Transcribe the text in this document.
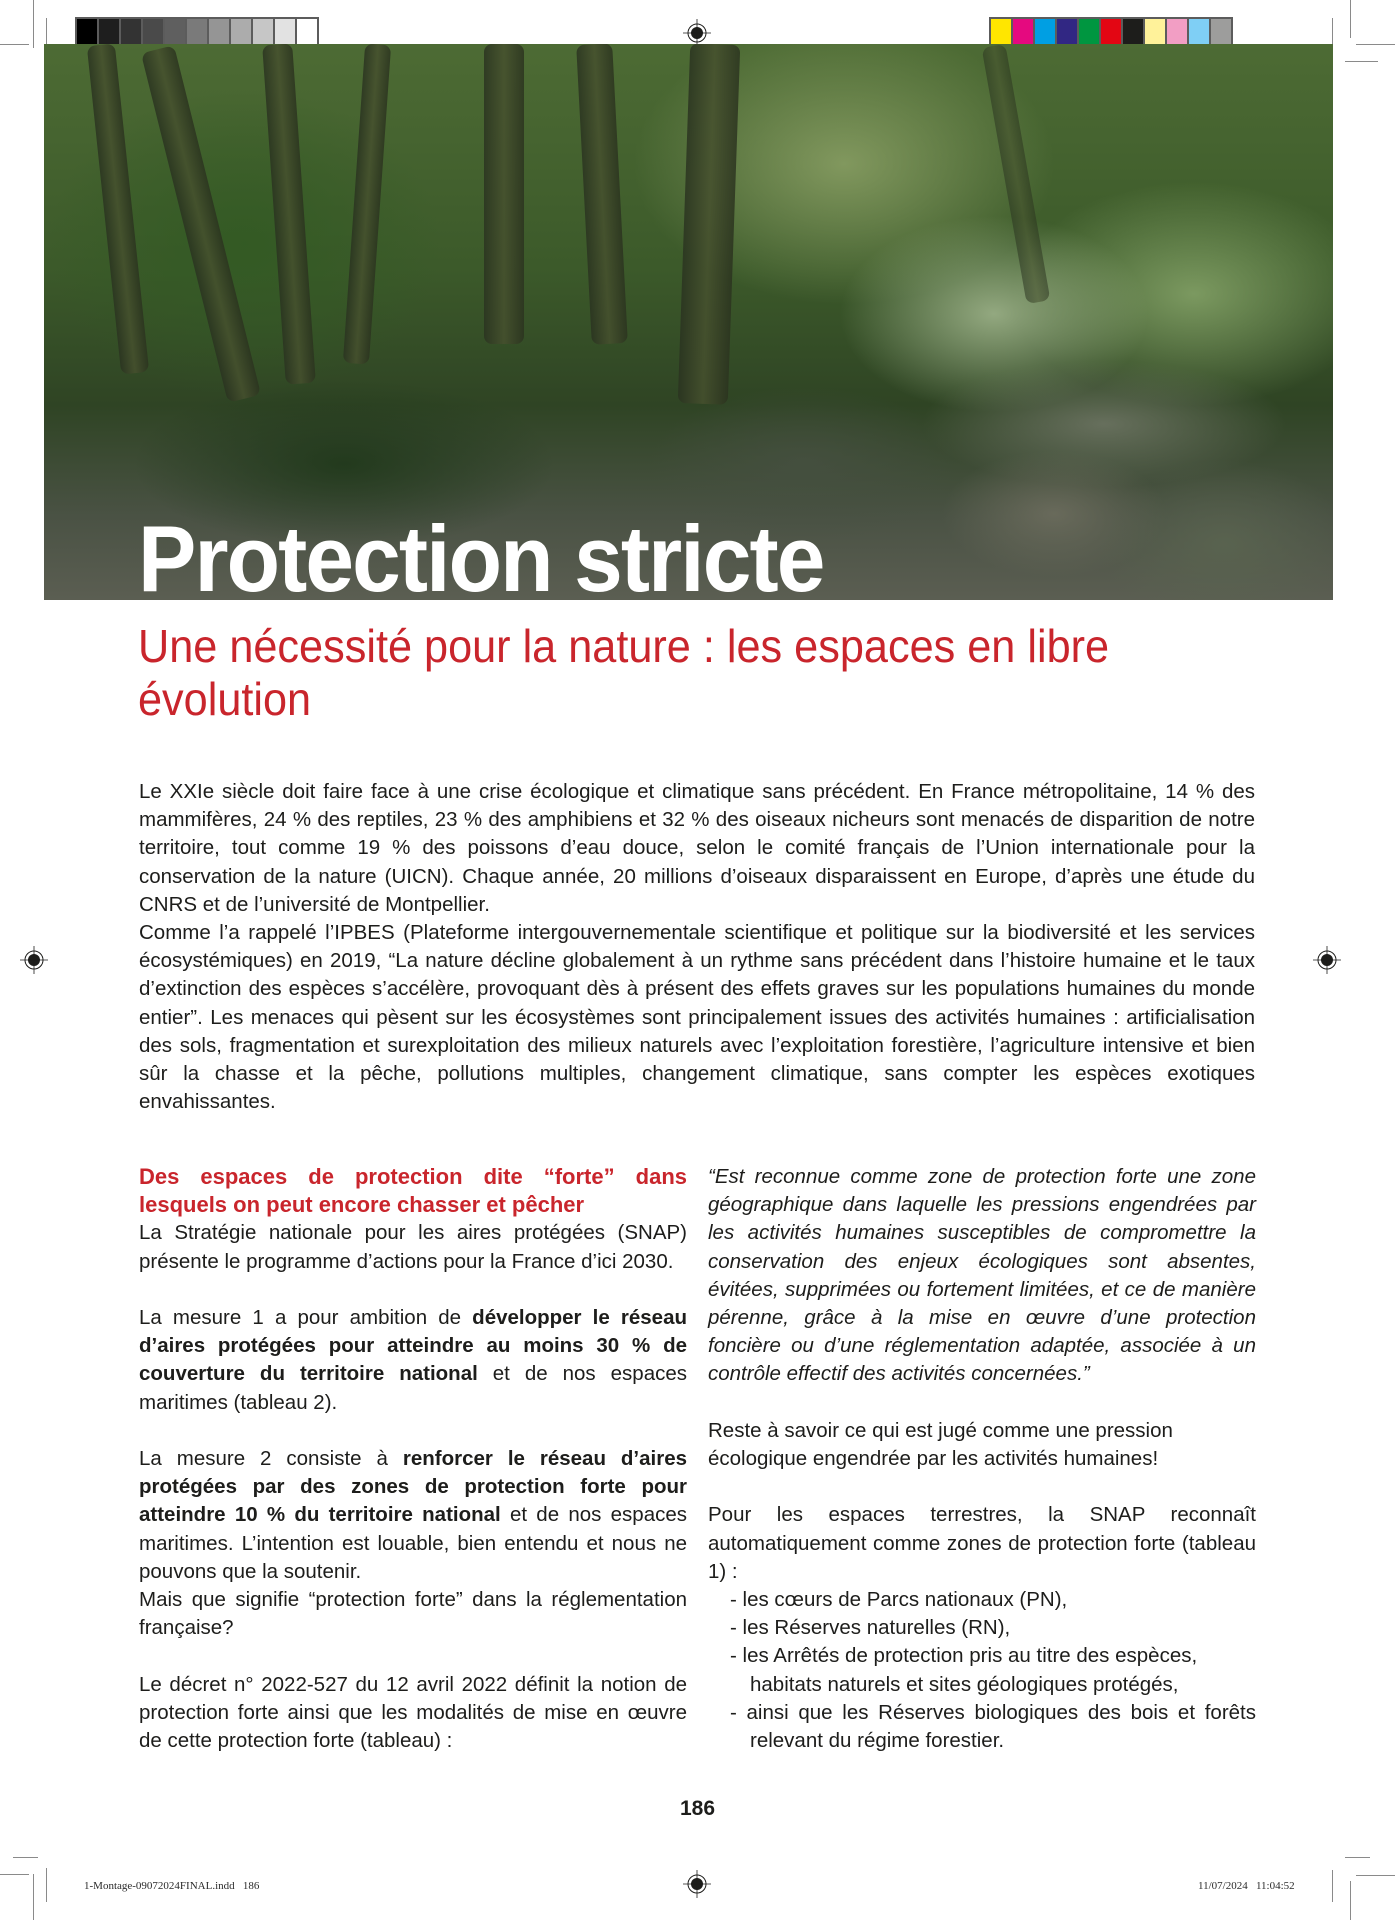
Protection stricte
Une nécessité pour la nature : les espaces en libre évolution

Le XXIe siècle doit faire face à une crise écologique et climatique sans précédent. En France métropolitaine, 14 % des mammifères, 24 % des reptiles, 23 % des amphibiens et 32 % des oiseaux nicheurs sont menacés de disparition de notre territoire, tout comme 19 % des poissons d’eau douce, selon le comité français de l’Union internationale pour la conservation de la nature (UICN). Chaque année, 20 millions d’oiseaux disparaissent en Europe, d’après une étude du CNRS et de l’université de Montpellier.

Comme l’a rappelé l’IPBES (Plateforme intergouvernementale scientifique et politique sur la biodiversité et les services écosystémiques) en 2019, “La nature décline globalement à un rythme sans précédent dans l’histoire humaine et le taux d’extinction des espèces s’accélère, provoquant dès à présent des effets graves sur les populations humaines du monde entier”. Les menaces qui pèsent sur les écosystèmes sont principalement issues des activités humaines : artificialisation des sols, fragmentation et surexploitation des milieux naturels avec l’exploitation forestière, l’agriculture intensive et bien sûr la chasse et la pêche, pollutions multiples, changement climatique, sans compter les espèces exotiques envahissantes.

Des espaces de protection dite “forte” dans lesquels on peut encore chasser et pêcher

La Stratégie nationale pour les aires protégées (SNAP) présente le programme d’actions pour la France d’ici 2030.

La mesure 1 a pour ambition de développer le réseau d’aires protégées pour atteindre au moins 30 % de couverture du territoire national et de nos espaces maritimes (tableau 2).

La mesure 2 consiste à renforcer le réseau d’aires protégées par des zones de protection forte pour atteindre 10 % du territoire national et de nos espaces maritimes. L’intention est louable, bien entendu et nous ne pouvons que la soutenir.

Mais que signifie “protection forte” dans la réglementation française?

Le décret n° 2022-527 du 12 avril 2022 définit la notion de protection forte ainsi que les modalités de mise en œuvre de cette protection forte (tableau) :

“Est reconnue comme zone de protection forte une zone géographique dans laquelle les pressions engendrées par les activités humaines susceptibles de compromettre la conservation des enjeux écologiques sont absentes, évitées, supprimées ou fortement limitées, et ce de manière pérenne, grâce à la mise en œuvre d’une protection foncière ou d’une réglementation adaptée, associée à un contrôle effectif des activités concernées.”

Reste à savoir ce qui est jugé comme une pression écologique engendrée par les activités humaines!

Pour les espaces terrestres, la SNAP reconnaît automatiquement comme zones de protection forte (tableau 1) :

- les cœurs de Parcs nationaux (PN),
- les Réserves naturelles (RN),
- les Arrêtés de protection pris au titre des espèces, habitats naturels et sites géologiques protégés,
- ainsi que les Réserves biologiques des bois et forêts relevant du régime forestier.
186
1-Montage-09072024FINAL.indd   186	11/07/2024   11:04:52
